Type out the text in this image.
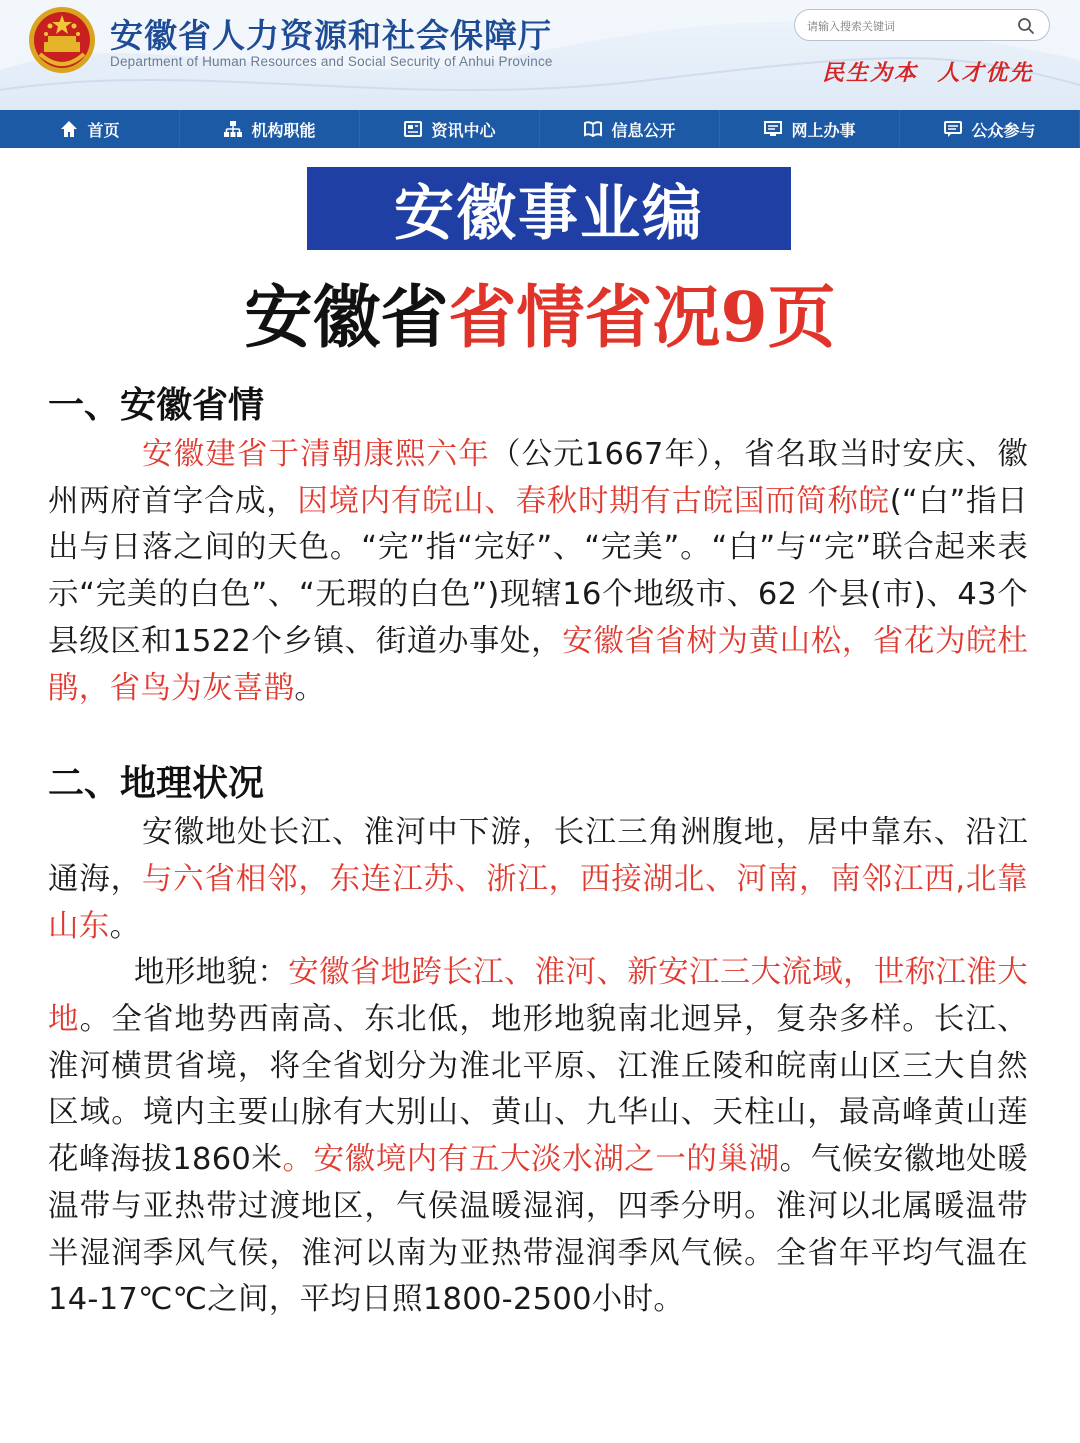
安徽省人力资源和社会保障厅
Department of Human Resources and Social Security of Anhui Province
请输入搜索关键词	民生为本  人才优先
首页	机构职能	资讯中心	信息公开	网上办事	公众参与
安徽事业编
安徽省省情省况9页
一、安徽省情
安徽建省于清朝康熙六年（公元1667年），省名取当时安庆、徽州两府首字合成，因境内有皖山、春秋时期有古皖国而简称皖(“白”指日出与日落之间的天色。“完”指“完好”、“完美”。“白”与“完”联合起来表示“完美的白色”、“无瑕的白色”)现辖16个地级市、62 个县(市)、43个县级区和1522个乡镇、街道办事处，安徽省省树为黄山松，省花为皖杜鹃，省鸟为灰喜鹊。
二、地理状况
安徽地处长江、淮河中下游，长江三角洲腹地，居中靠东、沿江通海，与六省相邻，东连江苏、浙江，西接湖北、河南，南邻江西,北靠山东。
地形地貌：安徽省地跨长江、淮河、新安江三大流域，世称江淮大地。全省地势西南高、东北低，地形地貌南北迥异，复杂多样。长江、淮河横贯省境，将全省划分为淮北平原、江淮丘陵和皖南山区三大自然区域。境内主要山脉有大别山、黄山、九华山、天柱山，最高峰黄山莲花峰海拔1860米。安徽境内有五大淡水湖之一的巢湖。气候安徽地处暖温带与亚热带过渡地区，气侯温暖湿润，四季分明。淮河以北属暖温带半湿润季风气侯，淮河以南为亚热带湿润季风气候。全省年平均气温在14-17℃℃之间，平均日照1800-2500小时。
